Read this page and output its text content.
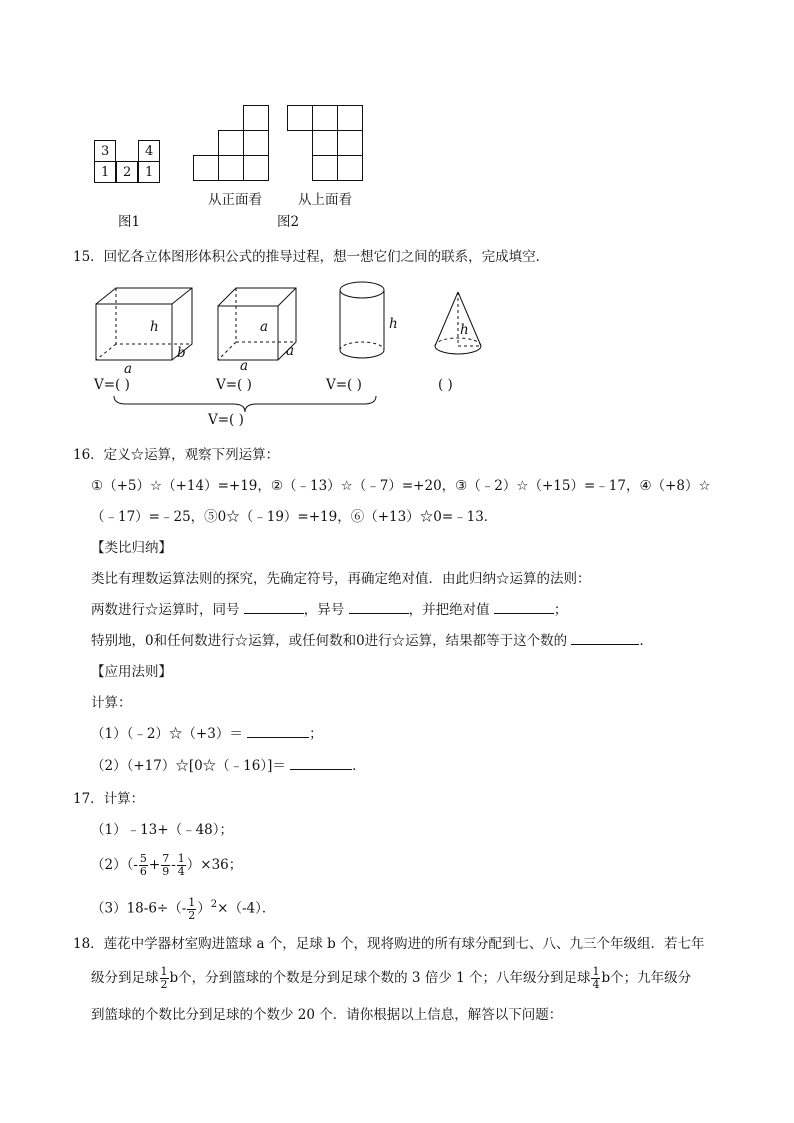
3	4
1 2 1
图1
从正面看	从上面看
图2
15．回忆各立体图形体积公式的推导过程，想一想它们之间的联系，完成填空．
h
a
b
V=( )
a
a
a
V=( )
h
V=( )
h
( )
V=( )
16．定义☆运算，观察下列运算：
①（+5）☆（+14）=+19，②（﹣13）☆（﹣7）=+20，③（﹣2）☆（+15）=﹣17，④（+8）☆
（﹣17）=﹣25，⑤0☆（﹣19）=+19，⑥（+13）☆0=﹣13．
【类比归纳】
类比有理数运算法则的探究，先确定符号，再确定绝对值．由此归纳☆运算的法则：
两数进行☆运算时，同号	，异号	，并把绝对值	；
特别地，0和任何数进行☆运算，或任何数和0进行☆运算，结果都等于这个数的	．
【应用法则】
计算：
（1）（﹣2）☆（+3）＝	；
（2）（+17）☆[0☆（﹣16）]＝	．
17．计算：
（1）﹣13+（﹣48）；
$(2)(- \frac{5}{6} + \frac{7}{9} - \frac{1}{4} )\times 36$；
$(3)18-6\div(- \frac{1}{2} )^2\times(-4)$．
18．莲花中学器材室购进篮球 a 个，足球 b 个，现将购进的所有球分配到七、八、九三个年级组．若七年
级分到足球 $\frac{1}{2}$ b个，分到篮球的个数是分到足球个数的 3 倍少 1 个；八年级分到足球 $\frac{1}{4}$ b个；九年级分
到篮球的个数比分到足球的个数少 20 个．请你根据以上信息，解答以下问题：
